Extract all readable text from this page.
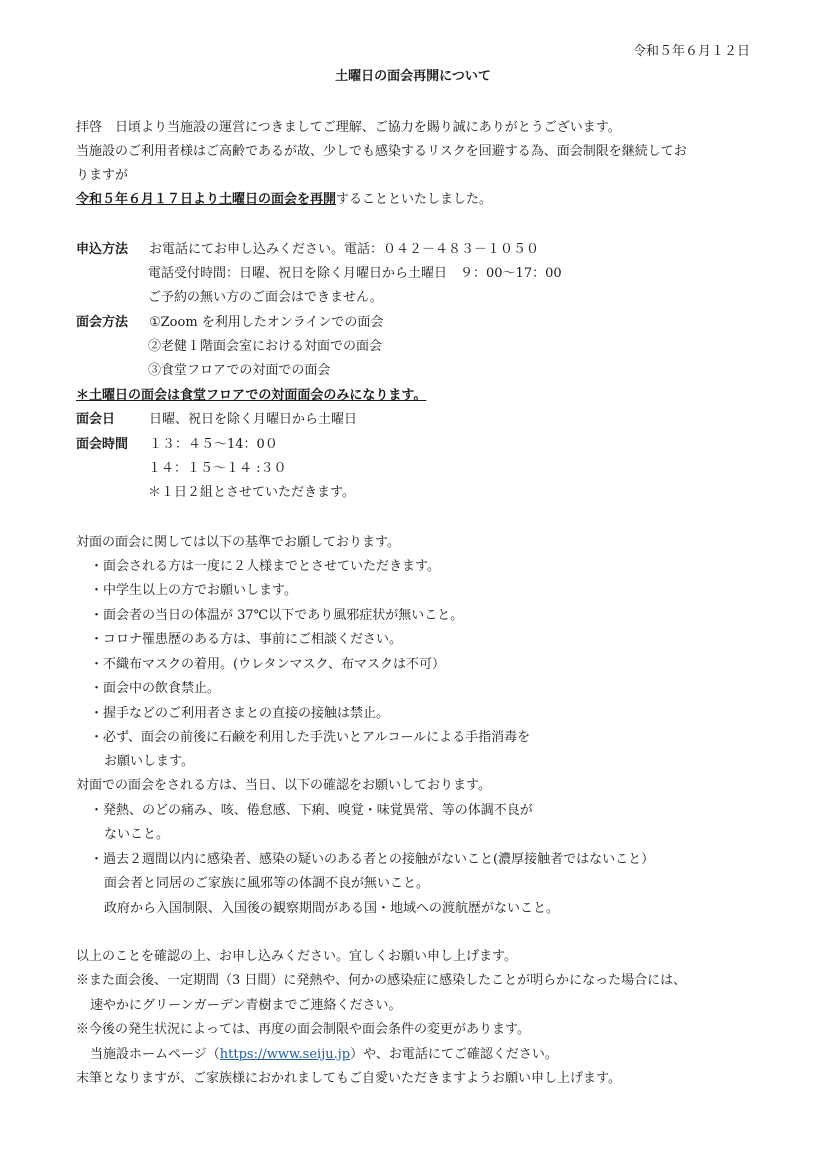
令和５年６月１２日
土曜日の面会再開について
拝啓　日頃より当施設の運営につきましてご理解、ご協力を賜り誠にありがとうございます。
当施設のご利用者様はご高齢であるが故、少しでも感染するリスクを回避する為、面会制限を継続してお
りますが
令和５年６月１７日より土曜日の面会を再開することといたしました。
申込方法 お電話にてお申し込みください。電話：０４２－４８３－１０５０
電話受付時間：日曜、祝日を除く月曜日から土曜日　９：00～17：00
ご予約の無い方のご面会はできません。
面会方法 ①Zoom を利用したオンラインでの面会
②老健１階面会室における対面での面会
③食堂フロアでの対面での面会
＊土曜日の面会は食堂フロアでの対面面会のみになります。
面会日	日曜、祝日を除く月曜日から土曜日
面会時間 １３：４５～14：0０
１４：１５～１４ :３０
＊１日２組とさせていただきます。
対面の面会に関しては以下の基準でお願しております。
・面会される方は一度に２人様までとさせていただきます。
・中学生以上の方でお願いします。
・面会者の当日の体温が 37℃以下であり風邪症状が無いこと。
・コロナ罹患歴のある方は、事前にご相談ください。
・不織布マスクの着用。(ウレタンマスク、布マスクは不可）
・面会中の飲食禁止。
・握手などのご利用者さまとの直接の接触は禁止。
・必ず、面会の前後に石鹸を利用した手洗いとアルコールによる手指消毒を
お願いします。
対面での面会をされる方は、当日、以下の確認をお願いしております。
・発熱、のどの痛み、咳、倦怠感、下痢、嗅覚・味覚異常、等の体調不良が
ないこと。
・過去２週間以内に感染者、感染の疑いのある者との接触がないこと(濃厚接触者ではないこと）
面会者と同居のご家族に風邪等の体調不良が無いこと。
政府から入国制限、入国後の観察期間がある国・地域への渡航歴がないこと。
以上のことを確認の上、お申し込みください。宜しくお願い申し上げます。
※また面会後、一定期間（3 日間）に発熱や、何かの感染症に感染したことが明らかになった場合には、
速やかにグリーンガーデン青樹までご連絡ください。
※今後の発生状況によっては、再度の面会制限や面会条件の変更があります。
当施設ホームページ（https://www.seiju.jp）や、お電話にてご確認ください。
末筆となりますが、ご家族様におかれましてもご自愛いただきますようお願い申し上げます。
